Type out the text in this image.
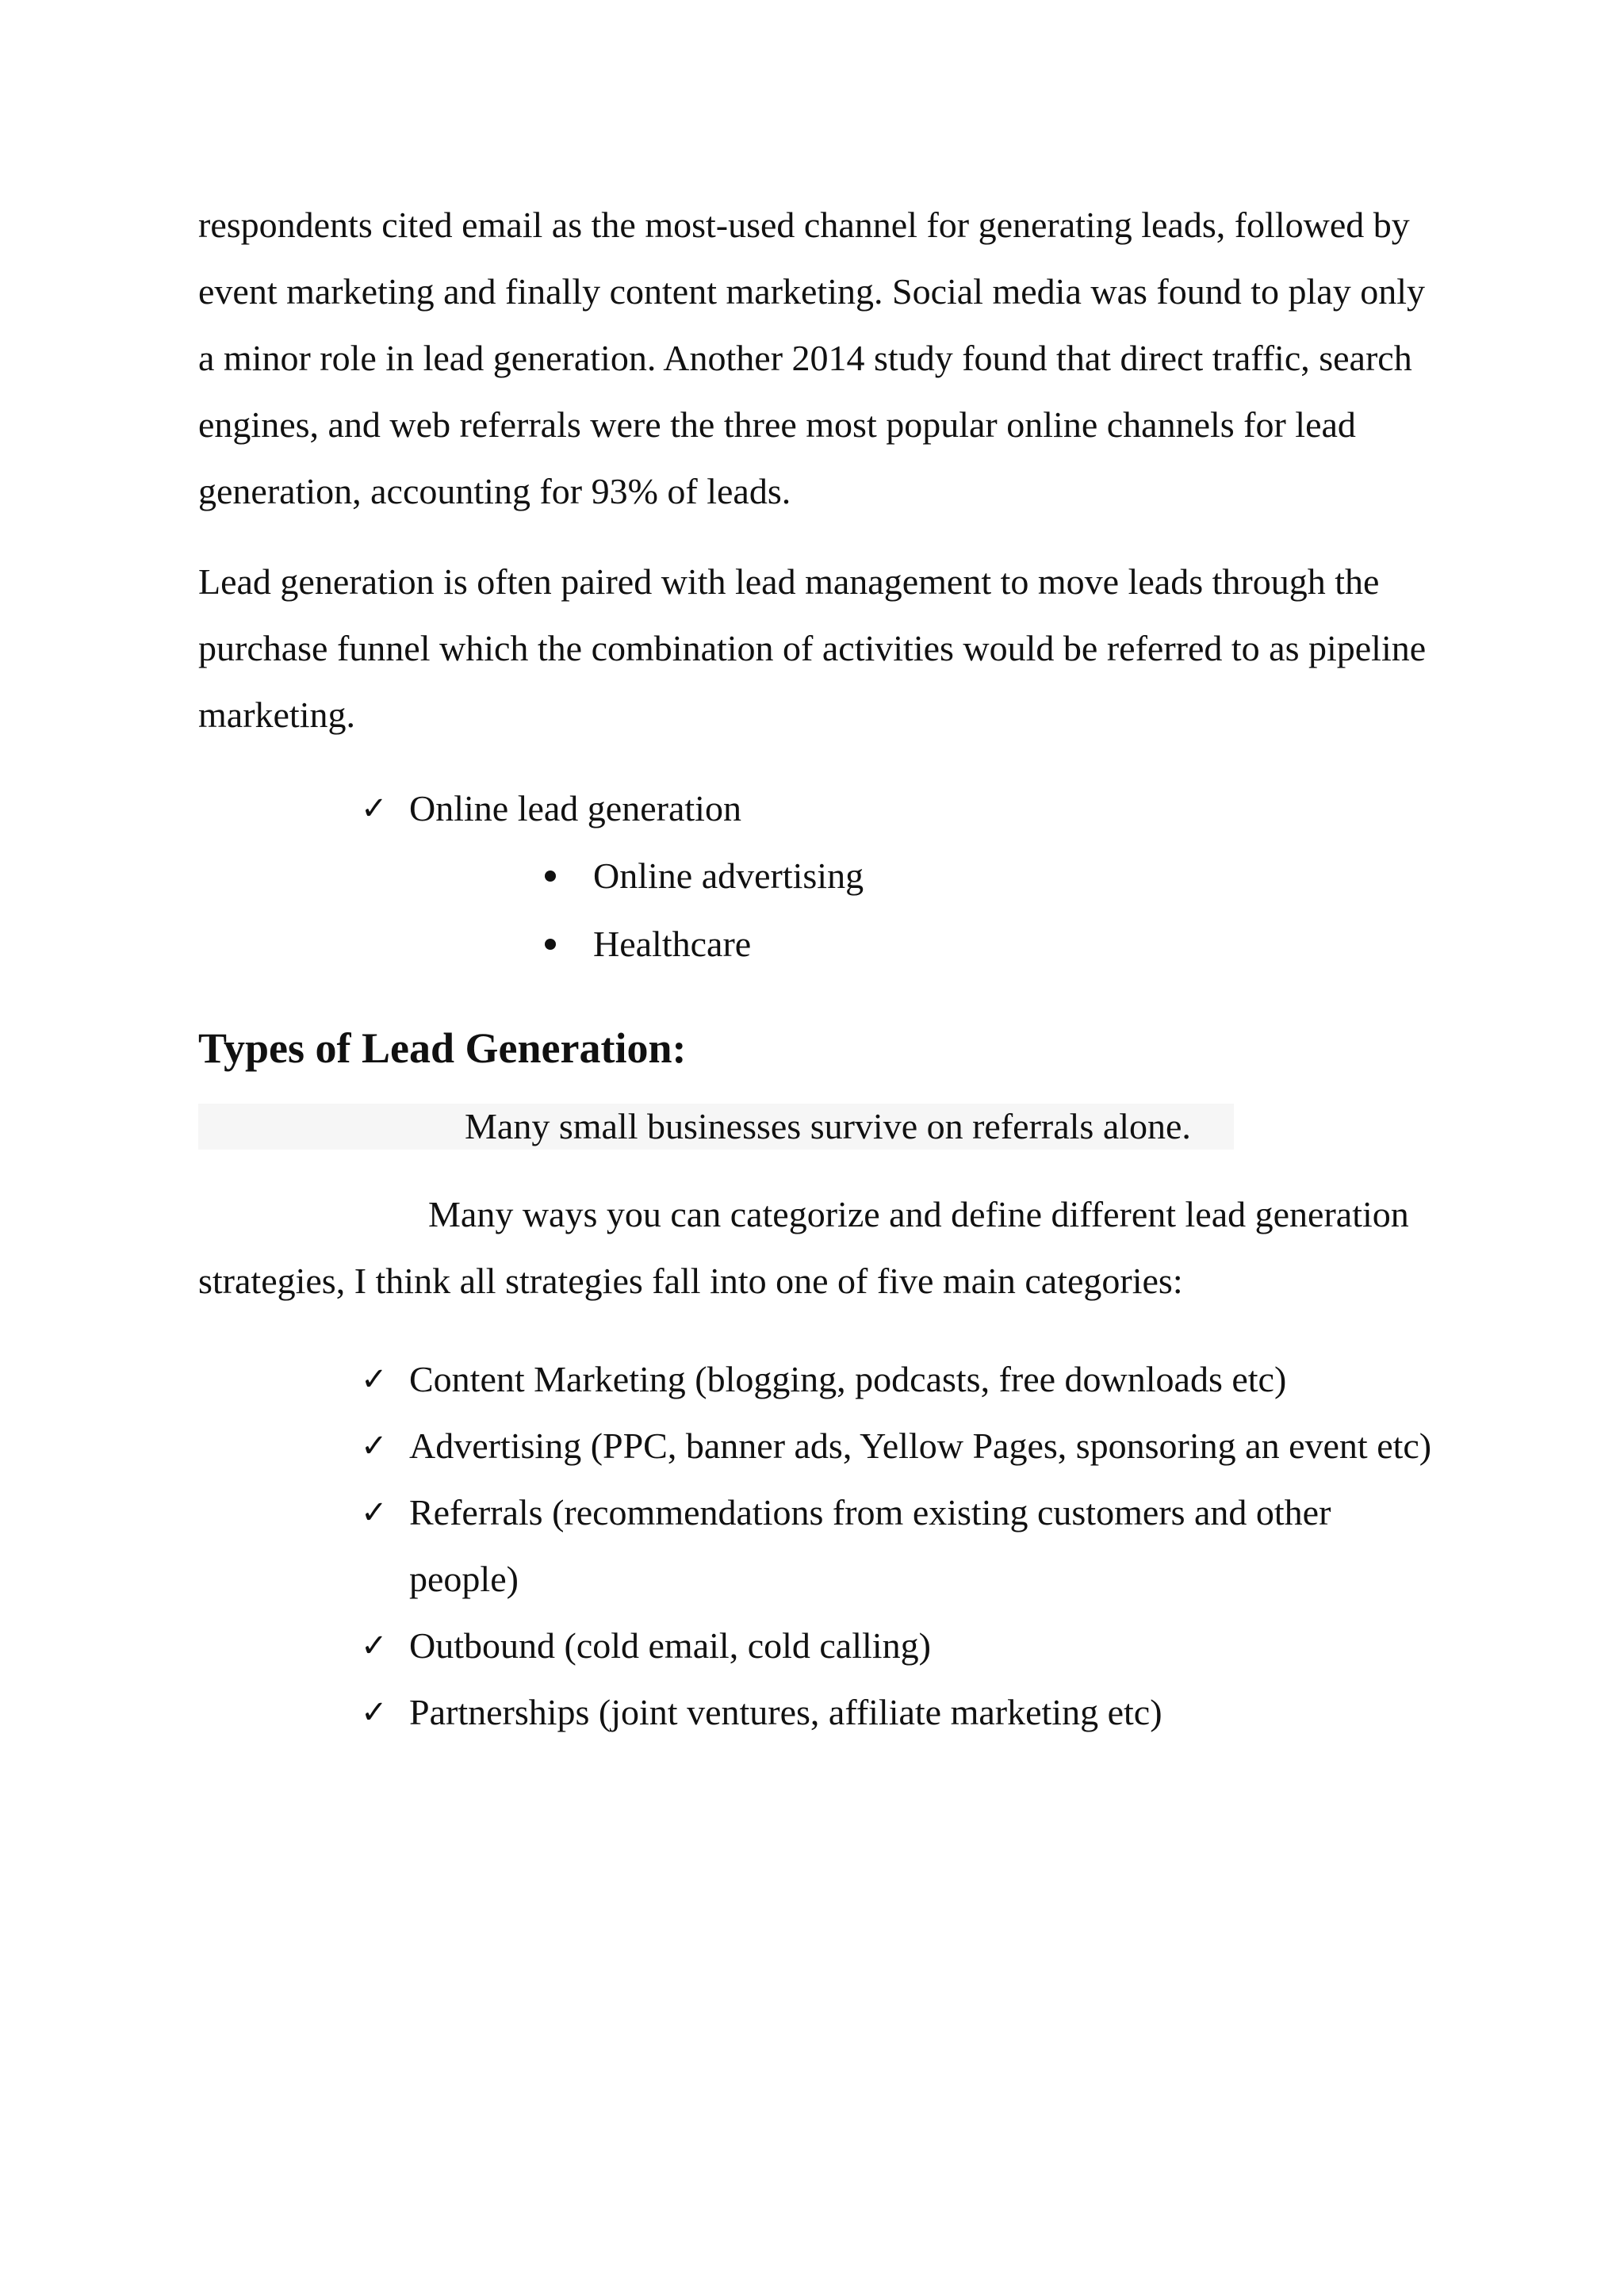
respondents cited email as the most-used channel for generating leads, followed by event marketing and finally content marketing. Social media was found to play only a minor role in lead generation. Another 2014 study found that direct traffic, search engines, and web referrals were the three most popular online channels for lead generation, accounting for 93% of leads.

Lead generation is often paired with lead management to move leads through the purchase funnel which the combination of activities would be referred to as pipeline marketing.

✓ Online lead generation
Online advertising
Healthcare
Types of Lead Generation:
Many small businesses survive on referrals alone.

Many ways you can categorize and define different lead generation strategies, I think all strategies fall into one of five main categories:

✓ Content Marketing (blogging, podcasts, free downloads etc)
✓ Advertising (PPC, banner ads, Yellow Pages, sponsoring an event etc)
✓ Referrals (recommendations from existing customers and other people)
✓ Outbound (cold email, cold calling)
✓ Partnerships (joint ventures, affiliate marketing etc)
